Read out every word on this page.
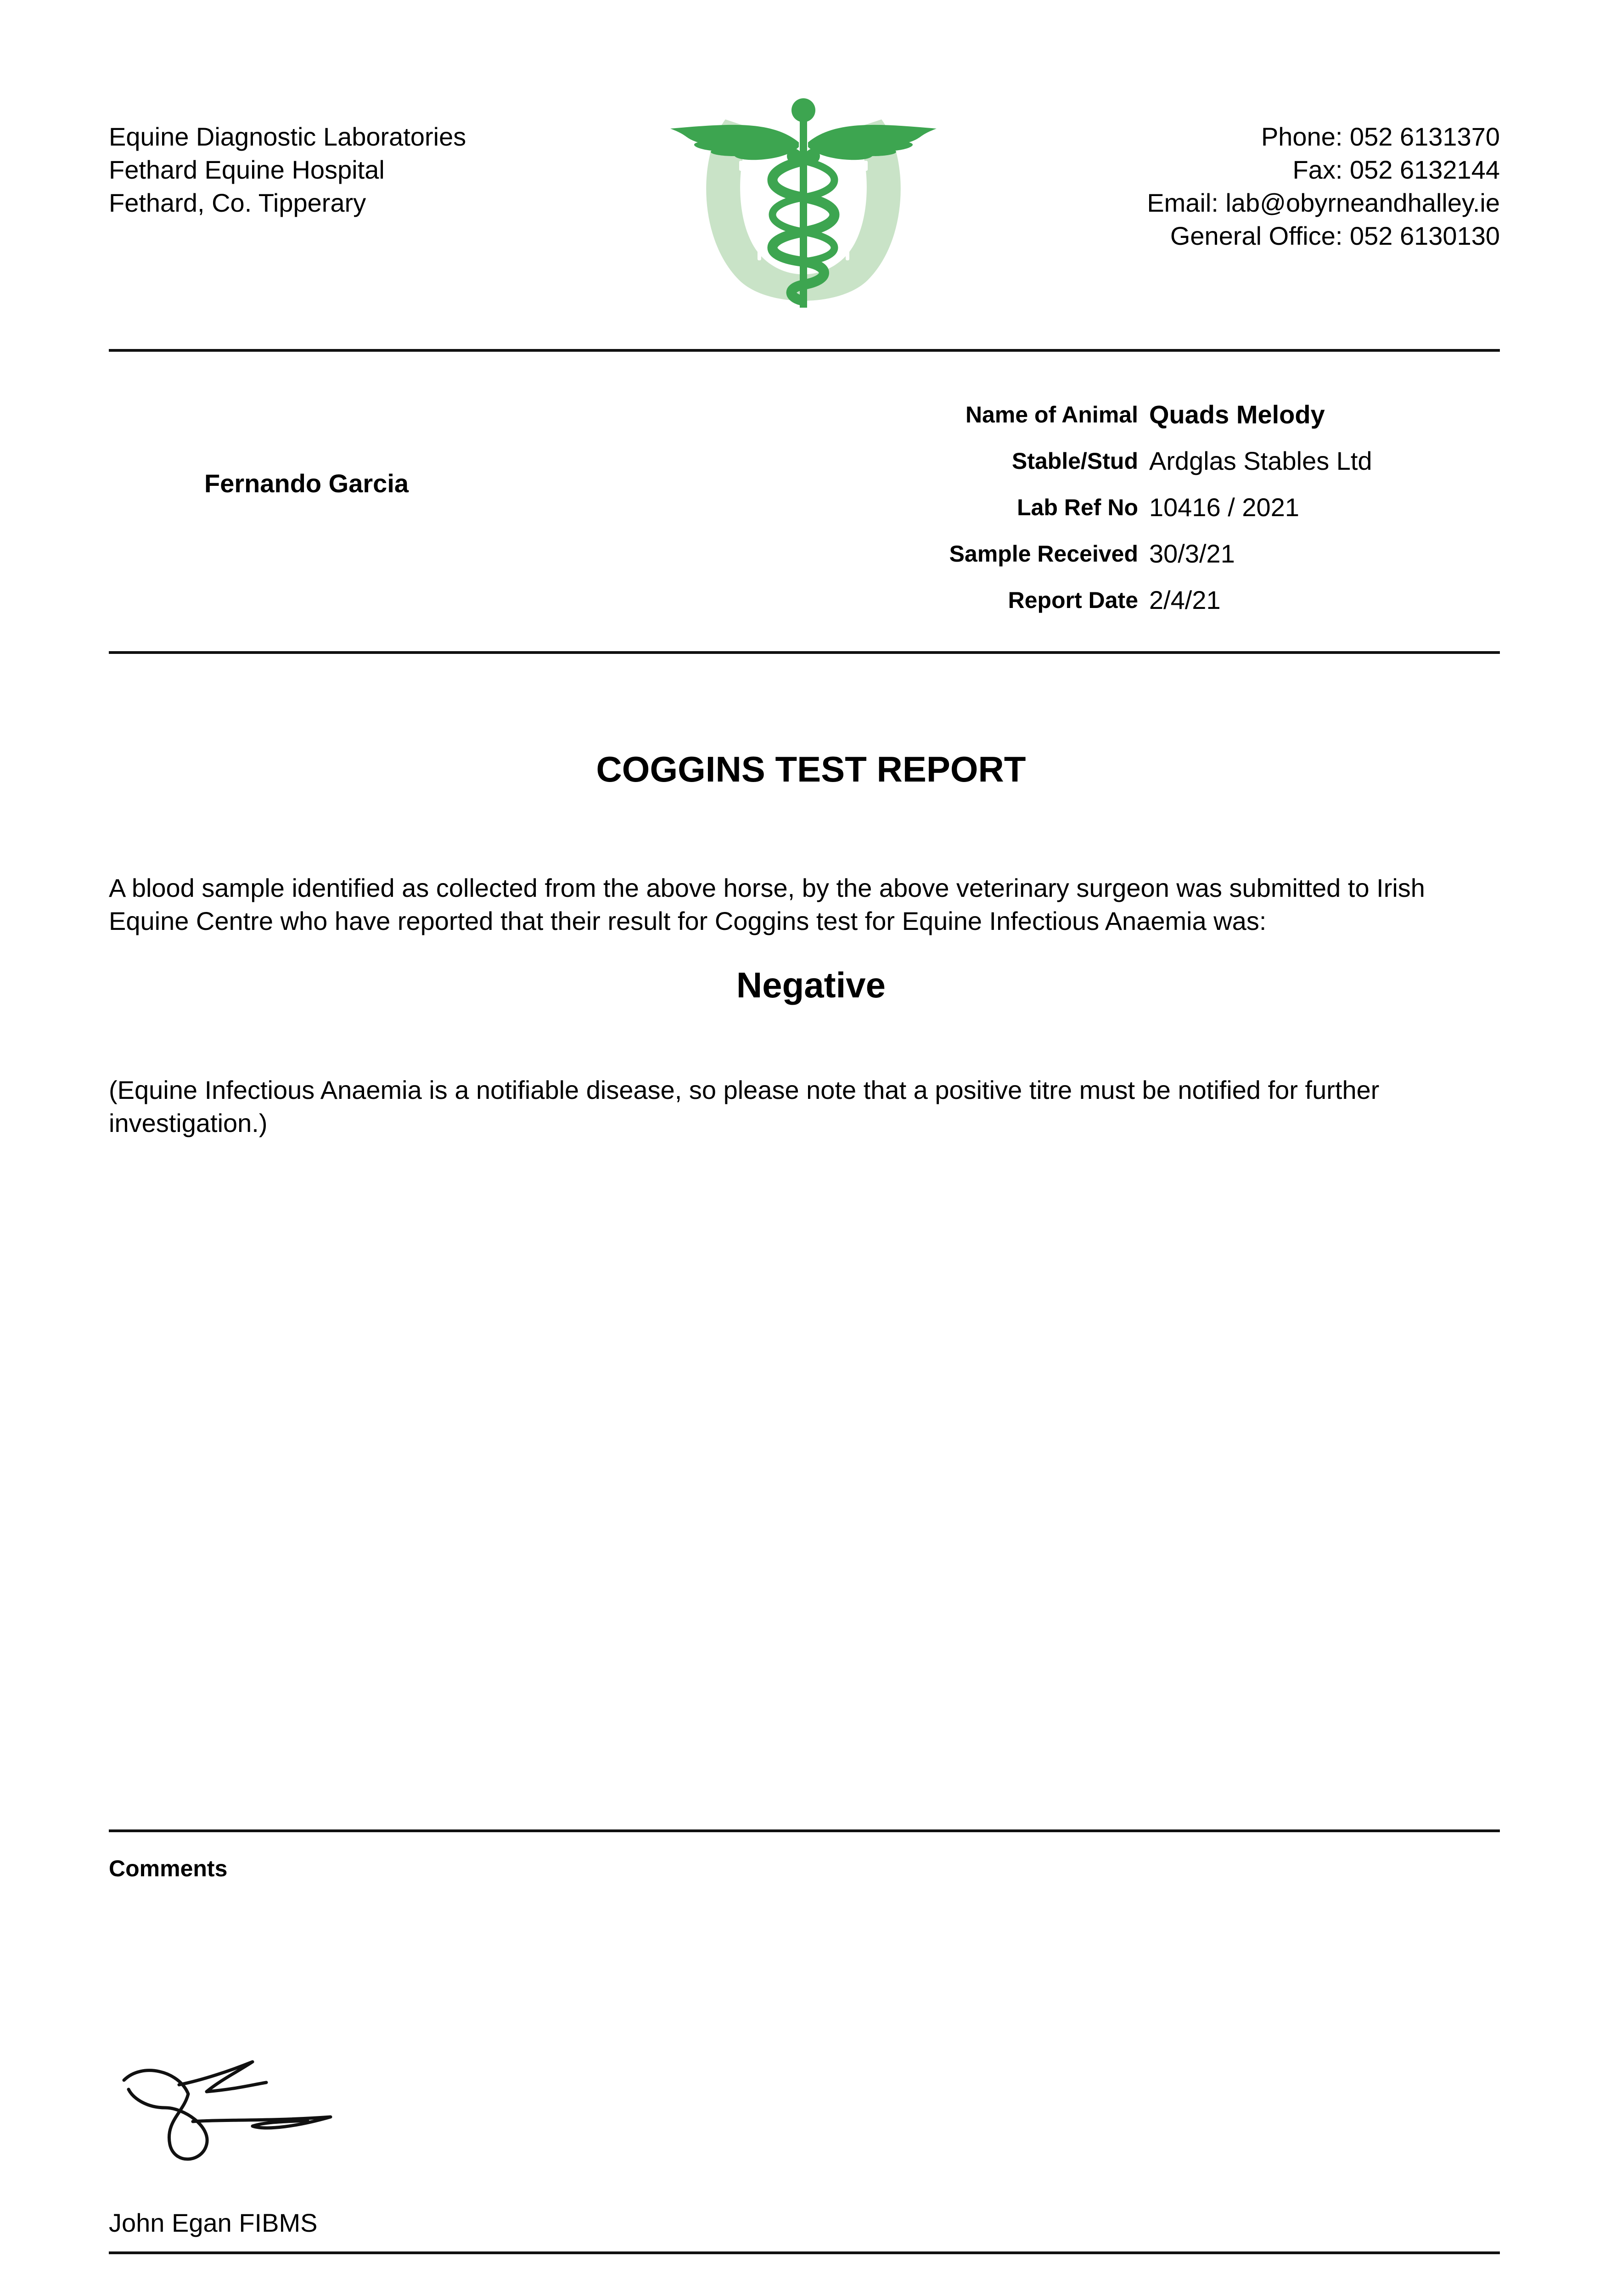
Equine Diagnostic Laboratories
Fethard Equine Hospital
Fethard, Co. Tipperary
Phone: 052 6131370
Fax: 052 6132144
Email: lab@obyrneandhalley.ie
General Office: 052 6130130
Fernando Garcia
Name of Animal Quads Melody
Stable/Stud Ardglas Stables Ltd
Lab Ref No 10416 / 2021
Sample Received 30/3/21
Report Date 2/4/21
COGGINS TEST REPORT
A blood sample identified as collected from the above horse, by the above veterinary surgeon was submitted to Irish Equine Centre who have reported that their result for Coggins test for Equine Infectious Anaemia was:
Negative
(Equine Infectious Anaemia is a notifiable disease, so please note that a positive titre must be notified for further investigation.)
Comments
John Egan FIBMS
